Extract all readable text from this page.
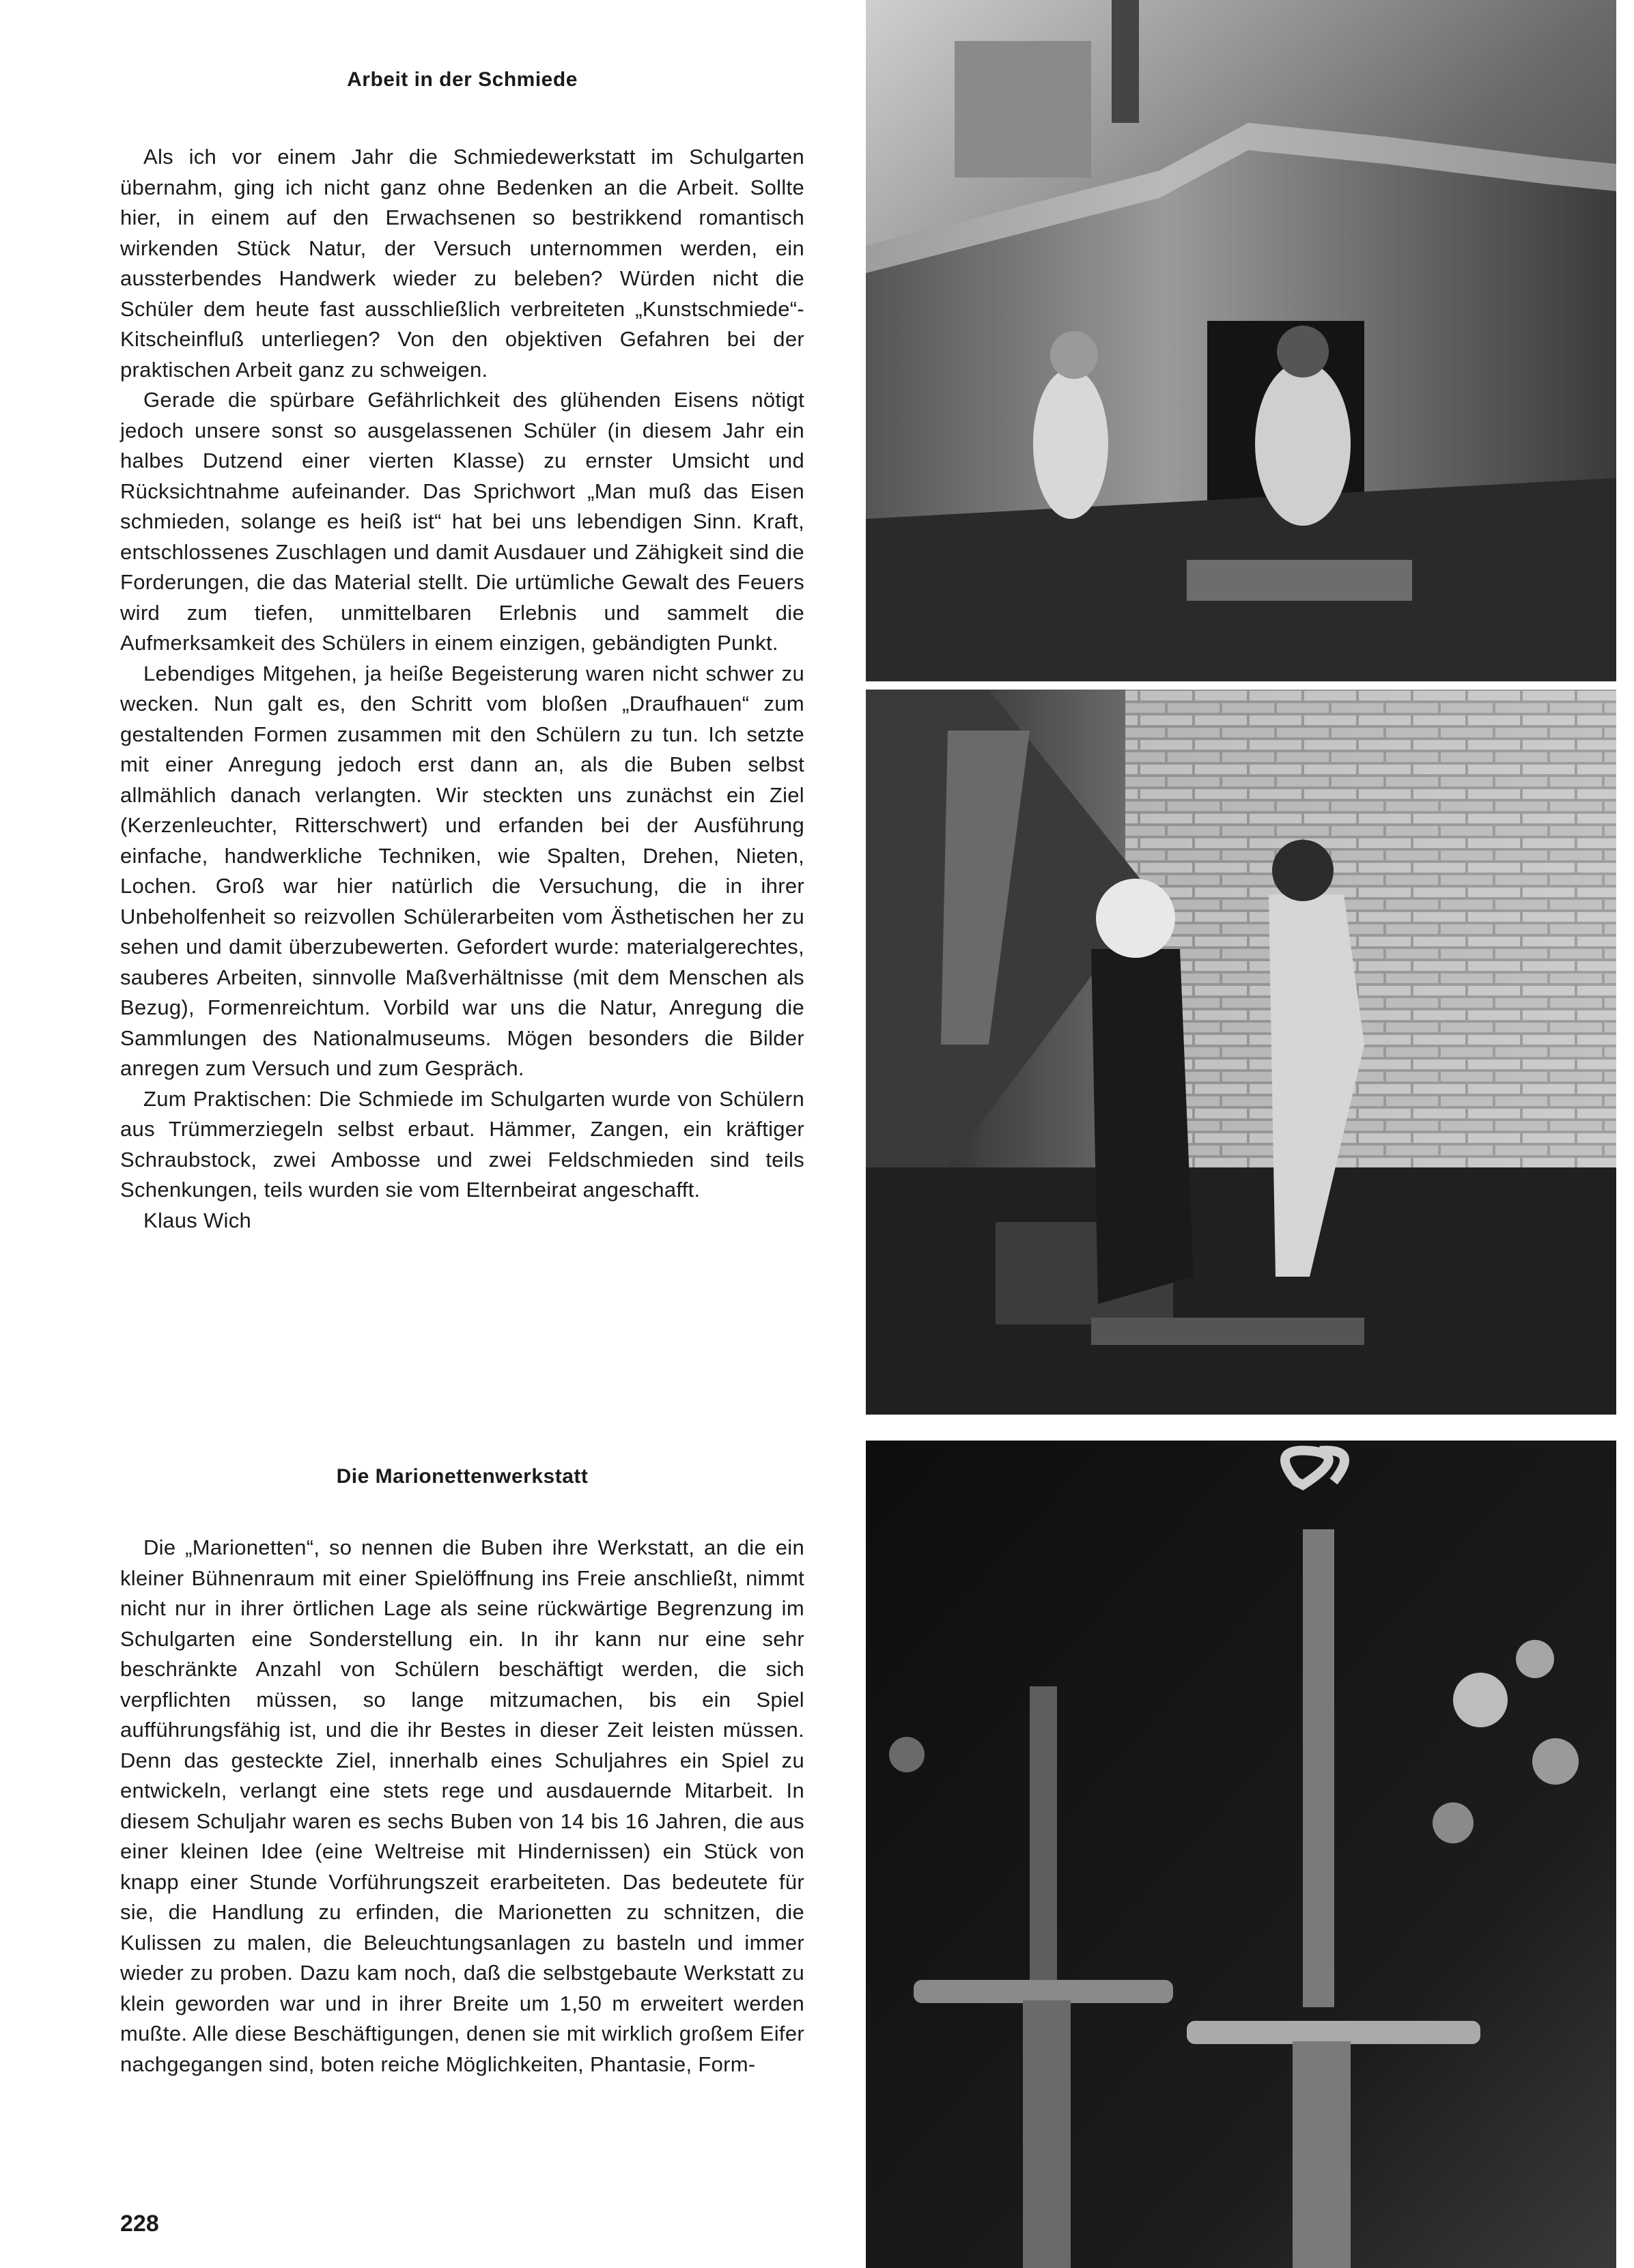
Arbeit in der Schmiede

Als ich vor einem Jahr die Schmiedewerkstatt im Schulgarten übernahm, ging ich nicht ganz ohne Bedenken an die Arbeit. Sollte hier, in einem auf den Erwachsenen so bestrikkend romantisch wirkenden Stück Natur, der Versuch unternommen werden, ein aussterbendes Handwerk wieder zu beleben? Würden nicht die Schüler dem heute fast ausschließlich verbreiteten „Kunstschmiede“-Kitscheinfluß unterliegen? Von den objektiven Gefahren bei der praktischen Arbeit ganz zu schweigen.

Gerade die spürbare Gefährlichkeit des glühenden Eisens nötigt jedoch unsere sonst so ausgelassenen Schüler (in diesem Jahr ein halbes Dutzend einer vierten Klasse) zu ernster Umsicht und Rücksichtnahme aufeinander. Das Sprichwort „Man muß das Eisen schmieden, solange es heiß ist“ hat bei uns lebendigen Sinn. Kraft, entschlossenes Zuschlagen und damit Ausdauer und Zähigkeit sind die Forderungen, die das Material stellt. Die urtümliche Gewalt des Feuers wird zum tiefen, unmittelbaren Erlebnis und sammelt die Aufmerksamkeit des Schülers in einem einzigen, gebändigten Punkt.

Lebendiges Mitgehen, ja heiße Begeisterung waren nicht schwer zu wecken. Nun galt es, den Schritt vom bloßen „Draufhauen“ zum gestaltenden Formen zusammen mit den Schülern zu tun. Ich setzte mit einer Anregung jedoch erst dann an, als die Buben selbst allmählich danach verlangten. Wir steckten uns zunächst ein Ziel (Kerzenleuchter, Ritterschwert) und erfanden bei der Ausführung einfache, handwerkliche Techniken, wie Spalten, Drehen, Nieten, Lochen. Groß war hier natürlich die Versuchung, die in ihrer Unbeholfenheit so reizvollen Schülerarbeiten vom Ästhetischen her zu sehen und damit überzubewerten. Gefordert wurde: materialgerechtes, sauberes Arbeiten, sinnvolle Maßverhältnisse (mit dem Menschen als Bezug), Formenreichtum. Vorbild war uns die Natur, Anregung die Sammlungen des Nationalmuseums. Mögen besonders die Bilder anregen zum Versuch und zum Gespräch.

Zum Praktischen: Die Schmiede im Schulgarten wurde von Schülern aus Trümmerziegeln selbst erbaut. Hämmer, Zangen, ein kräftiger Schraubstock, zwei Ambosse und zwei Feldschmieden sind teils Schenkungen, teils wurden sie vom Elternbeirat angeschafft.

Klaus Wich

Die Marionettenwerkstatt

Die „Marionetten“, so nennen die Buben ihre Werkstatt, an die ein kleiner Bühnenraum mit einer Spielöffnung ins Freie anschließt, nimmt nicht nur in ihrer örtlichen Lage als seine rückwärtige Begrenzung im Schulgarten eine Sonderstellung ein. In ihr kann nur eine sehr beschränkte Anzahl von Schülern beschäftigt werden, die sich verpflichten müssen, so lange mitzumachen, bis ein Spiel aufführungsfähig ist, und die ihr Bestes in dieser Zeit leisten müssen. Denn das gesteckte Ziel, innerhalb eines Schuljahres ein Spiel zu entwickeln, verlangt eine stets rege und ausdauernde Mitarbeit. In diesem Schuljahr waren es sechs Buben von 14 bis 16 Jahren, die aus einer kleinen Idee (eine Weltreise mit Hindernissen) ein Stück von knapp einer Stunde Vorführungszeit erarbeiteten. Das bedeutete für sie, die Handlung zu erfinden, die Marionetten zu schnitzen, die Kulissen zu malen, die Beleuchtungsanlagen zu basteln und immer wieder zu proben. Dazu kam noch, daß die selbstgebaute Werkstatt zu klein geworden war und in ihrer Breite um 1,50 m erweitert werden mußte. Alle diese Beschäftigungen, denen sie mit wirklich großem Eifer nachgegangen sind, boten reiche Möglichkeiten, Phantasie, Form-

228
